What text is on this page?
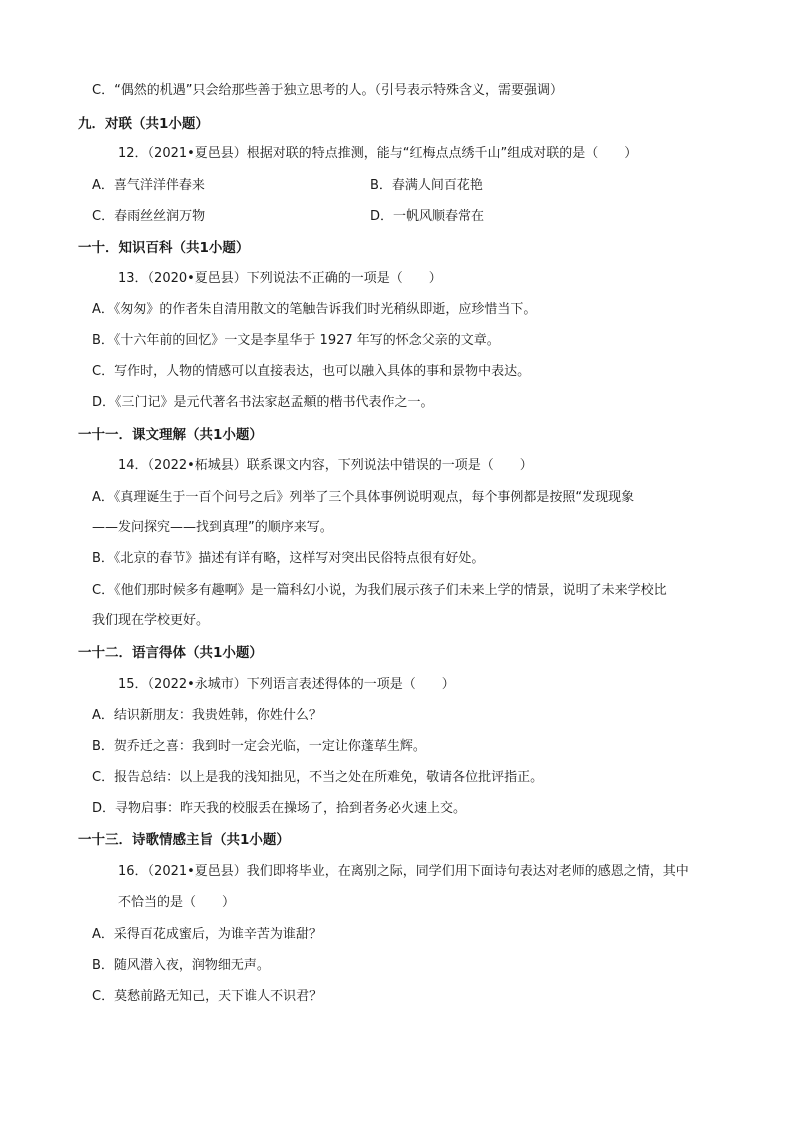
C．“偶然的机遇”只会给那些善于独立思考的人。（引号表示特殊含义，需要强调）
九．对联（共1小题）
12．（2021•夏邑县）根据对联的特点推测，能与“红梅点点绣千山”组成对联的是（　　）
A．喜气洋洋伴春来	B．春满人间百花艳
C．春雨丝丝润万物	D．一帆风顺春常在
一十．知识百科（共1小题）
13．（2020•夏邑县）下列说法不正确的一项是（　　）
A．《匆匆》的作者朱自清用散文的笔触告诉我们时光稍纵即逝，应珍惜当下。
B．《十六年前的回忆》一文是李星华于 1927 年写的怀念父亲的文章。
C．写作时，人物的情感可以直接表达，也可以融入具体的事和景物中表达。
D．《三门记》是元代著名书法家赵孟頫的楷书代表作之一。
一十一．课文理解（共1小题）
14．（2022•柘城县）联系课文内容，下列说法中错误的一项是（　　）
A．《真理诞生于一百个问号之后》列举了三个具体事例说明观点，每个事例都是按照“发现现象
——发问探究——找到真理”的顺序来写。
B．《北京的春节》描述有详有略，这样写对突出民俗特点很有好处。
C．《他们那时候多有趣啊》是一篇科幻小说，为我们展示孩子们未来上学的情景，说明了未来学校比
我们现在学校更好。
一十二．语言得体（共1小题）
15．（2022•永城市）下列语言表述得体的一项是（　　）
A．结识新朋友：我贵姓韩，你姓什么？
B．贺乔迁之喜：我到时一定会光临，一定让你蓬荜生辉。
C．报告总结：以上是我的浅知拙见，不当之处在所难免，敬请各位批评指正。
D．寻物启事：昨天我的校服丢在操场了，拾到者务必火速上交。
一十三．诗歌情感主旨（共1小题）
16．（2021•夏邑县）我们即将毕业，在离别之际，同学们用下面诗句表达对老师的感恩之情，其中
不恰当的是（　　）
A．采得百花成蜜后，为谁辛苦为谁甜？
B．随风潜入夜，润物细无声。
C．莫愁前路无知己，天下谁人不识君？
